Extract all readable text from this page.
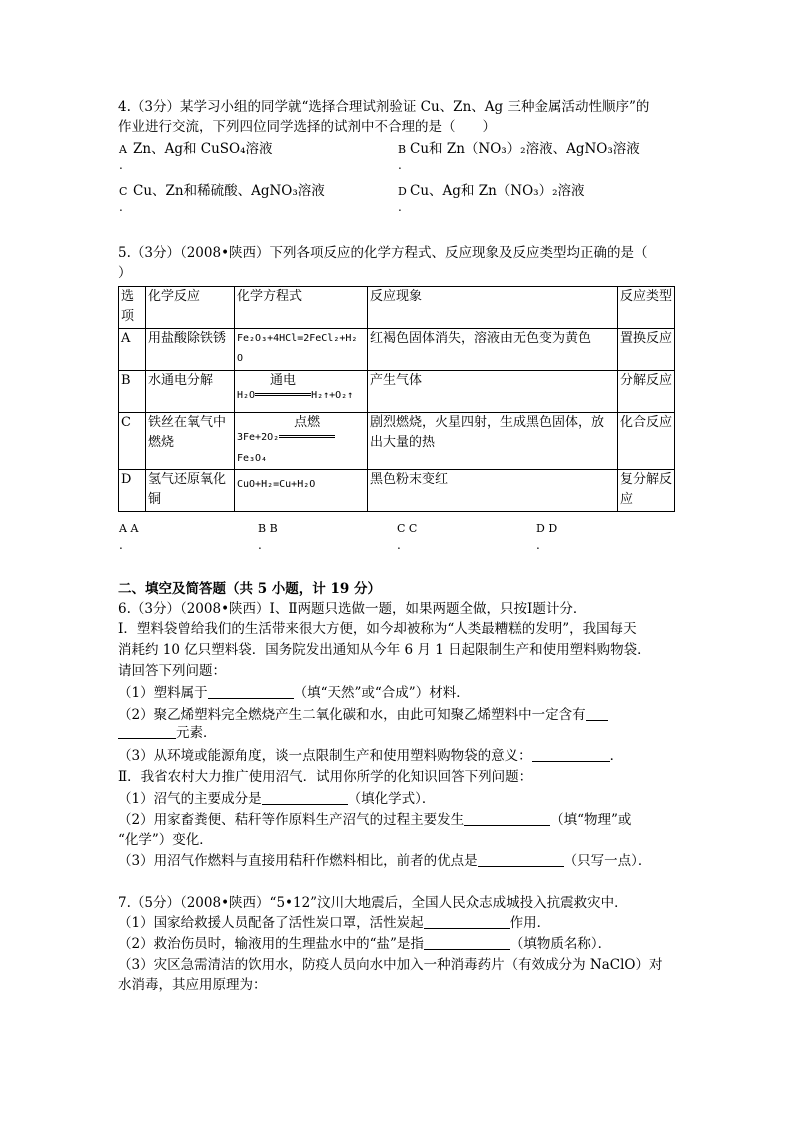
4.（3分）某学习小组的同学就“选择合理试剂验证 Cu、Zn、Ag 三种金属活动性顺序”的
作业进行交流，下列四位同学选择的试剂中不合理的是（　　）
A
.
Zn、Ag和 CuSO₄溶液	B
.
Cu和 Zn（NO₃）₂溶液、AgNO₃溶液
C
.
Cu、Zn和稀硫酸、AgNO₃溶液	D
.
Cu、Ag和 Zn（NO₃）₂溶液
5.（3分）（2008•陕西）下列各项反应的化学方程式、反应现象及反应类型均正确的是（
）
选项	化学反应	化学方程式	反应现象	反应类型
A	用盐酸除铁锈	Fe₂O₃+4HCl=2FeCl₂+H₂
O	红褐色固体消失，溶液由无色变为黄色	置换反应
B	水通电分解	H₂O
通电
H₂↑+O₂↑	产生气体	分解反应
C	铁丝在氧气中燃烧	3Fe+2O₂
点燃
Fe₃O₄	剧烈燃烧，火星四射，生成黑色固体，放出大量的热	化合反应
D	氢气还原氧化铜	CuO+H₂=Cu+H₂O	黑色粉末变红	复分解反应
A A
.
B B
.
C C
.
D D
.
二、填空及简答题（共 5 小题，计 19 分）
6.（3分）（2008•陕西）Ⅰ、Ⅱ两题只选做一题，如果两题全做，只按Ⅰ题计分．
Ⅰ．塑料袋曾给我们的生活带来很大方便，如今却被称为“人类最糟糕的发明”，我国每天
消耗约 10 亿只塑料袋．国务院发出通知从今年 6 月 1 日起限制生产和使用塑料购物袋．
请回答下列问题：
（1）塑料属于	（填“天然”或“合成”）材料．
（2）聚乙烯塑料完全燃烧产生二氧化碳和水，由此可知聚乙烯塑料中一定含有
元素．
（3）从环境或能源角度，谈一点限制生产和使用塑料购物袋的意义：	．
Ⅱ．我省农村大力推广使用沼气．试用你所学的化知识回答下列问题：
（1）沼气的主要成分是	（填化学式）．
（2）用家畜粪便、秸秆等作原料生产沼气的过程主要发生	（填“物理”或
“化学”）变化．
（3）用沼气作燃料与直接用秸秆作燃料相比，前者的优点是	（只写一点）．
7.（5分）（2008•陕西）“5•12”汶川大地震后，全国人民众志成城投入抗震救灾中．
（1）国家给救援人员配备了活性炭口罩，活性炭起	作用．
（2）救治伤员时，输液用的生理盐水中的“盐”是指	（填物质名称）．
（3）灾区急需清洁的饮用水，防疫人员向水中加入一种消毒药片（有效成分为 NaClO）对
水消毒，其应用原理为：
